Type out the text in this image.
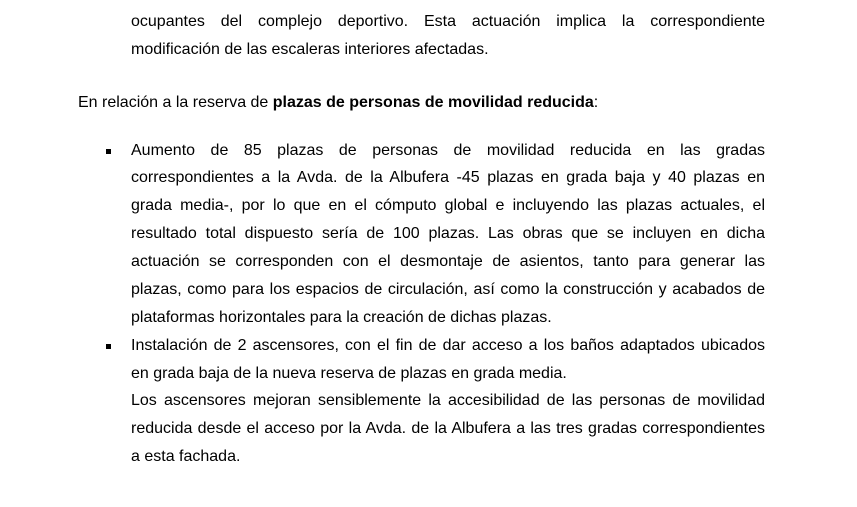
ocupantes del complejo deportivo. Esta actuación implica la correspondiente
modificación de las escaleras interiores afectadas.
En relación a la reserva de plazas de personas de movilidad reducida:
Aumento de 85 plazas de personas de movilidad reducida en las gradas
correspondientes a la Avda. de la Albufera -45 plazas en grada baja y 40 plazas en
grada media-, por lo que en el cómputo global e incluyendo las plazas actuales, el
resultado total dispuesto sería de 100 plazas. Las obras que se incluyen en dicha
actuación se corresponden con el desmontaje de asientos, tanto para generar las
plazas, como para los espacios de circulación, así como la construcción y acabados de
plataformas horizontales para la creación de dichas plazas.
Instalación de 2 ascensores, con el fin de dar acceso a los baños adaptados ubicados
en grada baja de la nueva reserva de plazas en grada media.
Los ascensores mejoran sensiblemente la accesibilidad de las personas de movilidad
reducida desde el acceso por la Avda. de la Albufera a las tres gradas correspondientes
a esta fachada.
